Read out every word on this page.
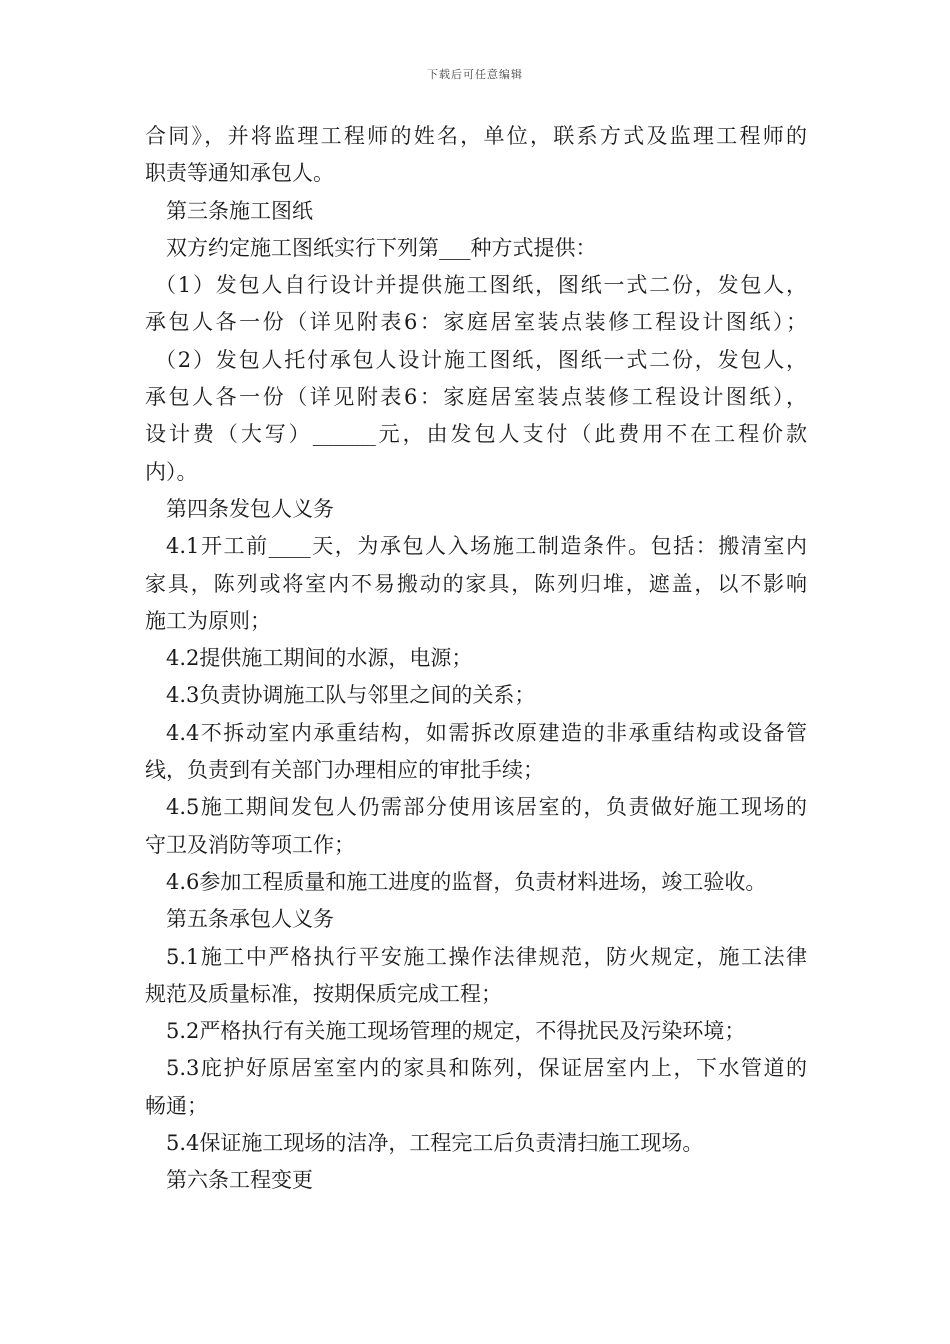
下载后可任意编辑
合同》，并将监理工程师的姓名，单位，联系方式及监理工程师的
职责等通知承包人。
第三条施工图纸
双方约定施工图纸实行下列第___种方式提供：
（1）发包人自行设计并提供施工图纸，图纸一式二份，发包人，
承包人各一份（详见附表6：家庭居室装点装修工程设计图纸）；
（2）发包人托付承包人设计施工图纸，图纸一式二份，发包人，
承包人各一份（详见附表6：家庭居室装点装修工程设计图纸），
设计费（大写）______元，由发包人支付（此费用不在工程价款
内）。
第四条发包人义务
4.1开工前____天，为承包人入场施工制造条件。包括：搬清室内
家具，陈列或将室内不易搬动的家具，陈列归堆，遮盖，以不影响
施工为原则；
4.2提供施工期间的水源，电源；
4.3负责协调施工队与邻里之间的关系；
4.4不拆动室内承重结构，如需拆改原建造的非承重结构或设备管
线，负责到有关部门办理相应的审批手续；
4.5施工期间发包人仍需部分使用该居室的，负责做好施工现场的
守卫及消防等项工作；
4.6参加工程质量和施工进度的监督，负责材料进场，竣工验收。
第五条承包人义务
5.1施工中严格执行平安施工操作法律规范，防火规定，施工法律
规范及质量标准，按期保质完成工程；
5.2严格执行有关施工现场管理的规定，不得扰民及污染环境；
5.3庇护好原居室室内的家具和陈列，保证居室内上，下水管道的
畅通；
5.4保证施工现场的洁净，工程完工后负责清扫施工现场。
第六条工程变更
